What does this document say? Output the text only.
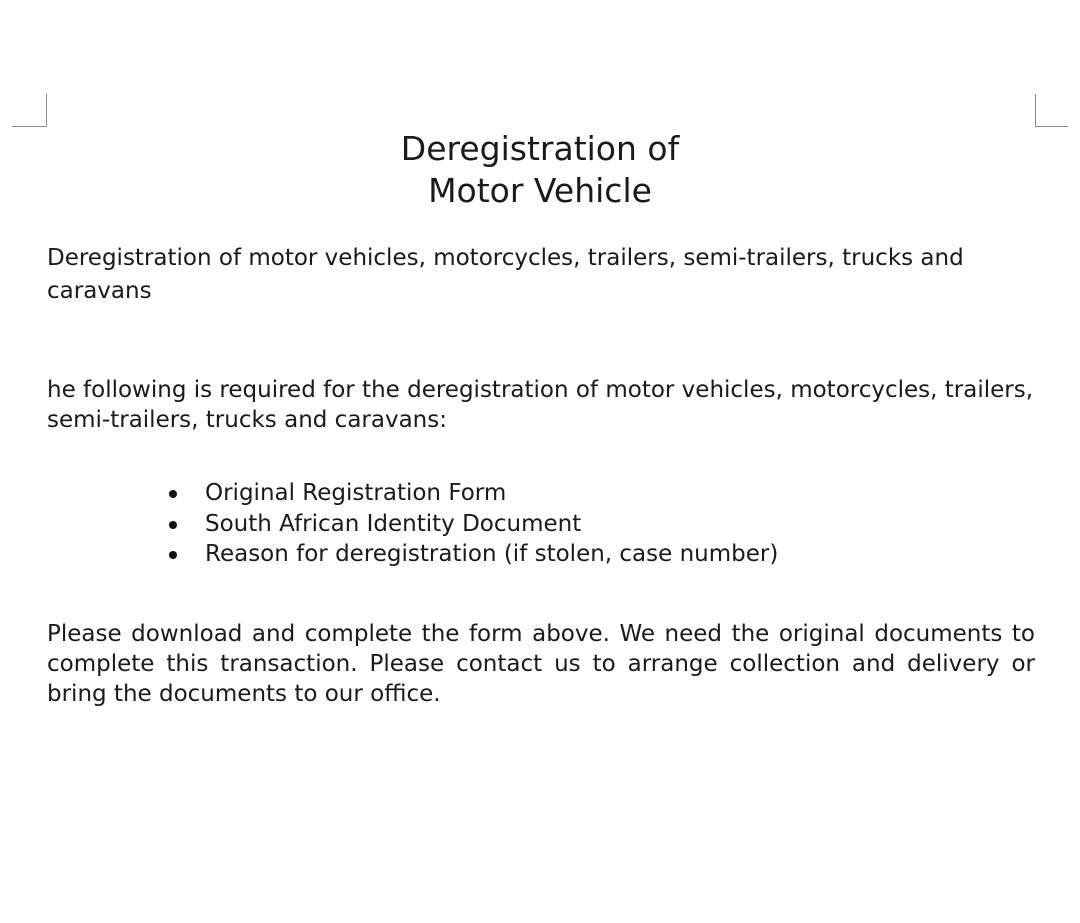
Deregistration of
Motor Vehicle

Deregistration of motor vehicles, motorcycles, trailers, semi-trailers, trucks and caravans

he following is required for the deregistration of motor vehicles, motorcycles, trailers, semi-trailers, trucks and caravans:

Original Registration Form
South African Identity Document
Reason for deregistration (if stolen, case number)

Please download and complete the form above. We need the original documents to complete this transaction. Please contact us to arrange collection and delivery or bring the documents to our office.
